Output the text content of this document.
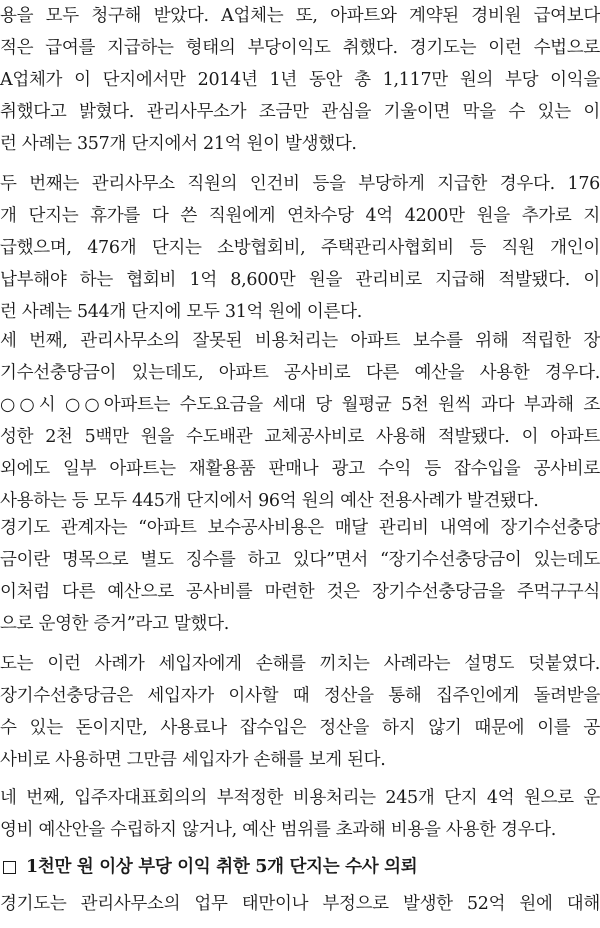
용을 모두 청구해 받았다. A업체는 또, 아파트와 계약된 경비원 급여보다
적은 급여를 지급하는 형태의 부당이익도 취했다. 경기도는 이런 수법으로
A업체가 이 단지에서만 2014년 1년 동안 총 1,117만 원의 부당 이익을
취했다고 밝혔다. 관리사무소가 조금만 관심을 기울이면 막을 수 있는 이
런 사례는 357개 단지에서 21억 원이 발생했다.
두 번째는 관리사무소 직원의 인건비 등을 부당하게 지급한 경우다. 176
개 단지는 휴가를 다 쓴 직원에게 연차수당 4억 4200만 원을 추가로 지
급했으며, 476개 단지는 소방협회비, 주택관리사협회비 등 직원 개인이
납부해야 하는 협회비 1억 8,600만 원을 관리비로 지급해 적발됐다. 이
런 사례는 544개 단지에 모두 31억 원에 이른다.
세 번째, 관리사무소의 잘못된 비용처리는 아파트 보수를 위해 적립한 장
기수선충당금이 있는데도, 아파트 공사비로 다른 예산을 사용한 경우다.
○○시 ○○아파트는 수도요금을 세대 당 월평균 5천 원씩 과다 부과해 조
성한 2천 5백만 원을 수도배관 교체공사비로 사용해 적발됐다. 이 아파트
외에도 일부 아파트는 재활용품 판매나 광고 수익 등 잡수입을 공사비로
사용하는 등 모두 445개 단지에서 96억 원의 예산 전용사례가 발견됐다.
경기도 관계자는 “아파트 보수공사비용은 매달 관리비 내역에 장기수선충당
금이란 명목으로 별도 징수를 하고 있다”면서 “장기수선충당금이 있는데도
이처럼 다른 예산으로 공사비를 마련한 것은 장기수선충당금을 주먹구구식
으로 운영한 증거”라고 말했다.
도는 이런 사례가 세입자에게 손해를 끼치는 사례라는 설명도 덧붙였다.
장기수선충당금은 세입자가 이사할 때 정산을 통해 집주인에게 돌려받을
수 있는 돈이지만, 사용료나 잡수입은 정산을 하지 않기 때문에 이를 공
사비로 사용하면 그만큼 세입자가 손해를 보게 된다.
네 번째, 입주자대표회의의 부적정한 비용처리는 245개 단지 4억 원으로 운
영비 예산안을 수립하지 않거나, 예산 범위를 초과해 비용을 사용한 경우다.
1천만 원 이상 부당 이익 취한 5개 단지는 수사 의뢰
경기도는 관리사무소의 업무 태만이나 부정으로 발생한 52억 원에 대해
